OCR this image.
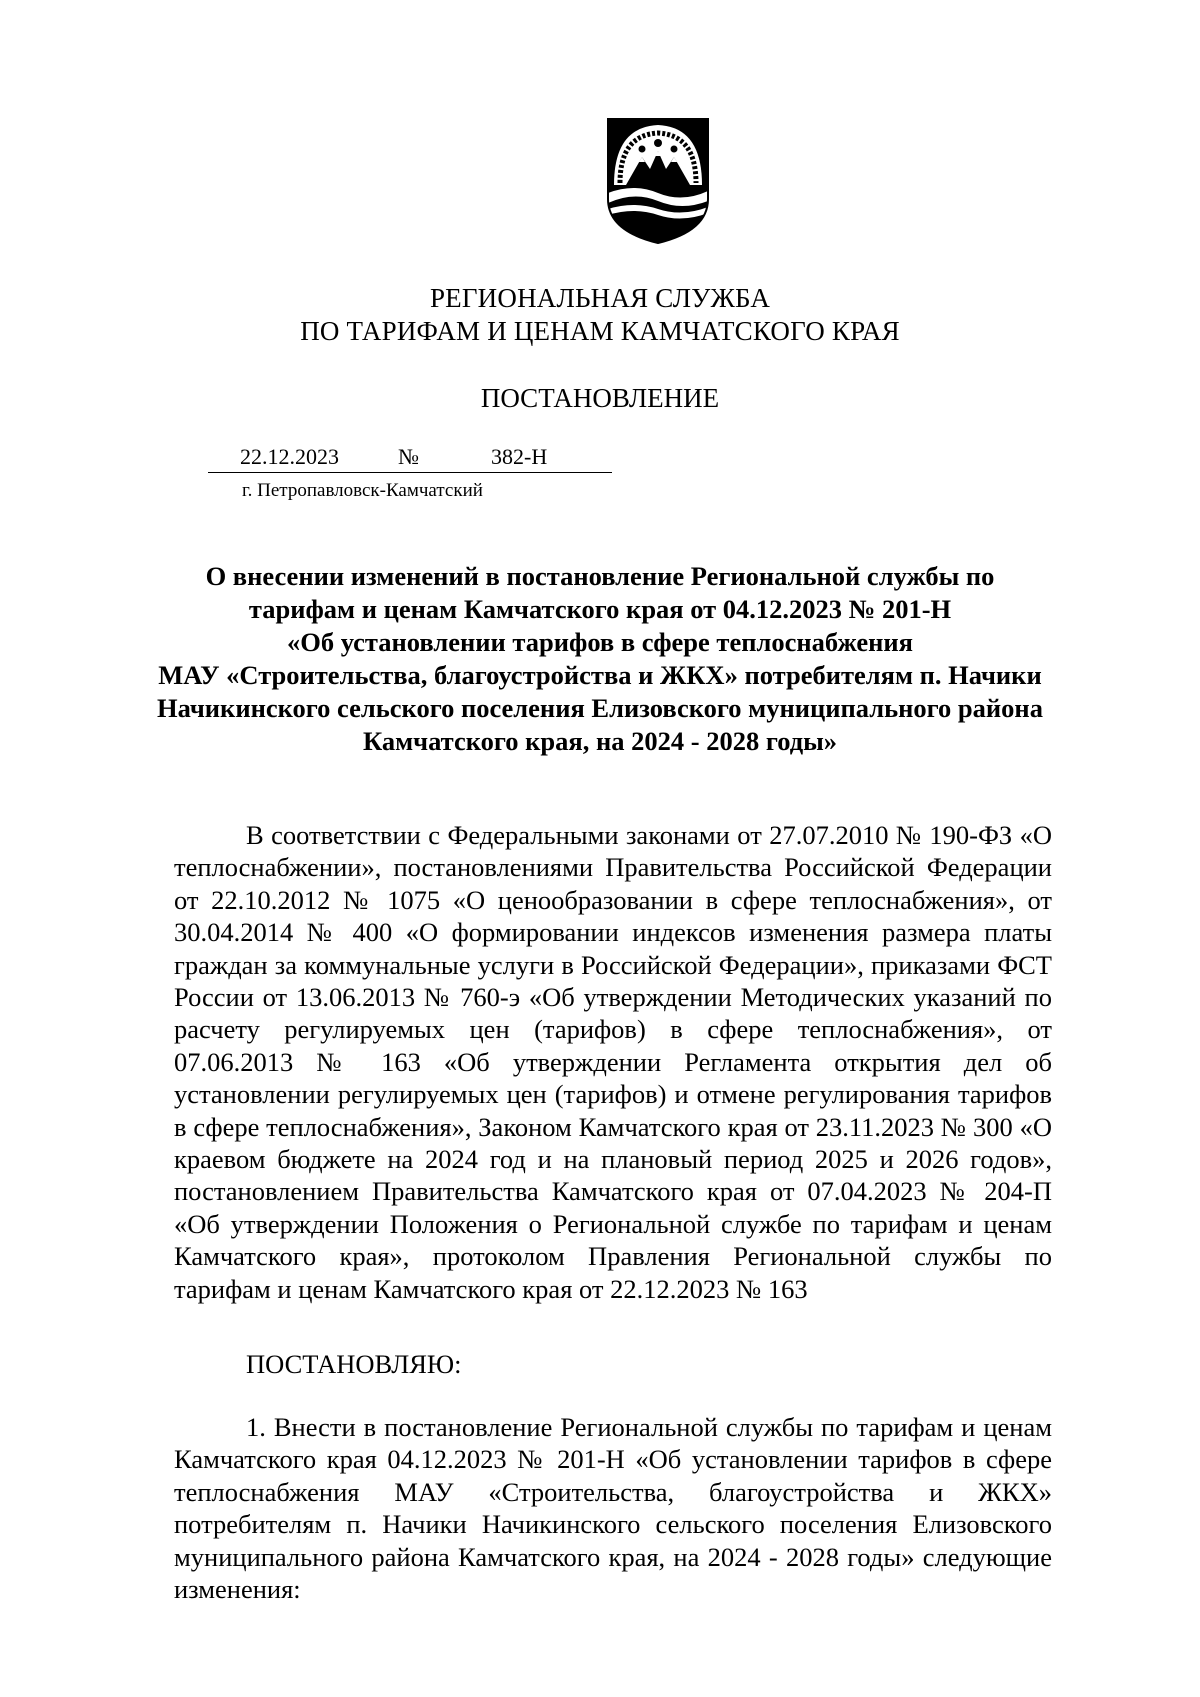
РЕГИОНАЛЬНАЯ СЛУЖБА
ПО ТАРИФАМ И ЦЕНАМ КАМЧАТСКОГО КРАЯ
ПОСТАНОВЛЕНИЕ
22.12.2023	№	382-Н
г. Петропавловск-Камчатский
О внесении изменений в постановление Региональной службы по
тарифам и ценам Камчатского края от 04.12.2023 № 201-Н
«Об установлении тарифов в сфере теплоснабжения
МАУ «Строительства, благоустройства и ЖКХ» потребителям п. Начики
Начикинского сельского поселения Елизовского муниципального района
Камчатского края, на 2024 - 2028 годы»

В соответствии с Федеральными законами от 27.07.2010 № 190-ФЗ «О теплоснабжении», постановлениями Правительства Российской Федерации от 22.10.2012 № 1075 «О ценообразовании в сфере теплоснабжения», от 30.04.2014 № 400 «О формировании индексов изменения размера платы граждан за коммунальные услуги в Российской Федерации», приказами ФСТ России от 13.06.2013 № 760-э «Об утверждении Методических указаний по расчету регулируемых цен (тарифов) в сфере теплоснабжения», от 07.06.2013 № 163 «Об утверждении Регламента открытия дел об установлении регулируемых цен (тарифов) и отмене регулирования тарифов в сфере теплоснабжения», Законом Камчатского края от 23.11.2023 № 300 «О краевом бюджете на 2024 год и на плановый период 2025 и 2026 годов», постановлением Правительства Камчатского края от 07.04.2023 № 204-П «Об утверждении Положения о Региональной службе по тарифам и ценам Камчатского края», протоколом Правления Региональной службы по тарифам и ценам Камчатского края от 22.12.2023 № 163

ПОСТАНОВЛЯЮ:

1. Внести в постановление Региональной службы по тарифам и ценам Камчатского края 04.12.2023 № 201-Н «Об установлении тарифов в сфере теплоснабжения МАУ «Строительства, благоустройства и ЖКХ» потребителям п. Начики Начикинского сельского поселения Елизовского муниципального района Камчатского края, на 2024 - 2028 годы» следующие изменения:
